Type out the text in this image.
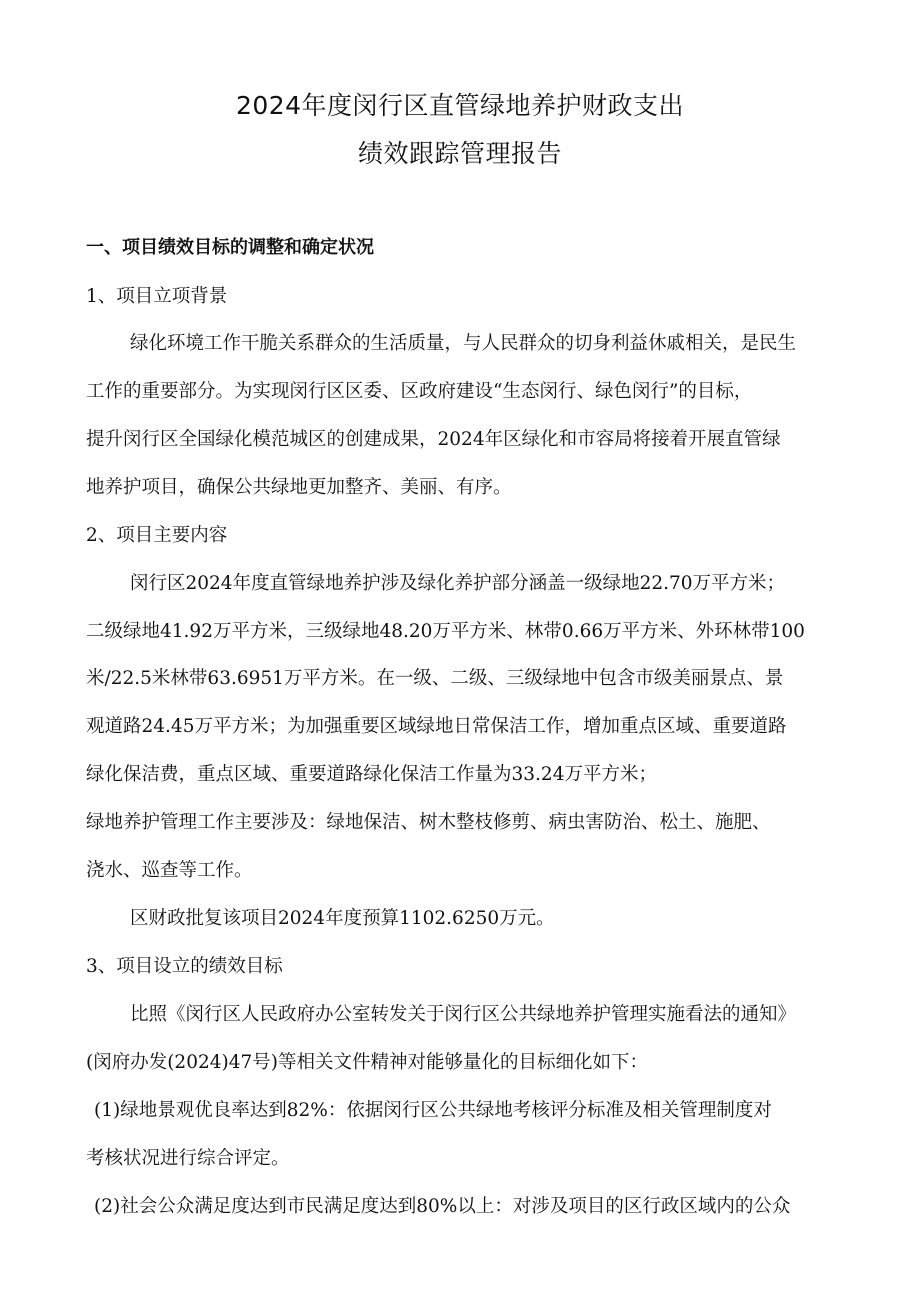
2024年度闵行区直管绿地养护财政支出
绩效跟踪管理报告
一、项目绩效目标的调整和确定状况
1、项目立项背景
绿化环境工作干脆关系群众的生活质量，与人民群众的切身利益休戚相关，是民生
工作的重要部分。为实现闵行区区委、区政府建设“生态闵行、绿色闵行”的目标，
提升闵行区全国绿化模范城区的创建成果，2024年区绿化和市容局将接着开展直管绿
地养护项目，确保公共绿地更加整齐、美丽、有序。
2、项目主要内容
闵行区2024年度直管绿地养护涉及绿化养护部分涵盖一级绿地22.70万平方米；
二级绿地41.92万平方米，三级绿地48.20万平方米、林带0.66万平方米、外环林带100
米/22.5米林带63.6951万平方米。在一级、二级、三级绿地中包含市级美丽景点、景
观道路24.45万平方米；为加强重要区域绿地日常保洁工作，增加重点区域、重要道路
绿化保洁费，重点区域、重要道路绿化保洁工作量为33.24万平方米；
绿地养护管理工作主要涉及：绿地保洁、树木整枝修剪、病虫害防治、松土、施肥、
浇水、巡查等工作。
区财政批复该项目2024年度预算1102.6250万元。
3、项目设立的绩效目标
比照《闵行区人民政府办公室转发关于闵行区公共绿地养护管理实施看法的通知》
(闵府办发(2024)47号)等相关文件精神对能够量化的目标细化如下：
(1)绿地景观优良率达到82%：依据闵行区公共绿地考核评分标准及相关管理制度对
考核状况进行综合评定。
(2)社会公众满足度达到市民满足度达到80%以上：对涉及项目的区行政区域内的公众
